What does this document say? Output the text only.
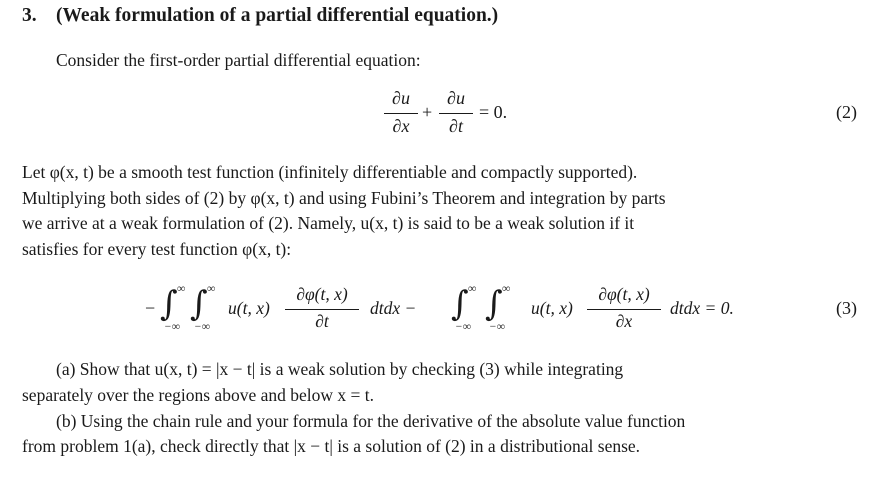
3. (Weak formulation of a partial differential equation.)
Consider the first-order partial differential equation:
∂u
∂x
+
∂u
∂t
= 0.	(2)
Let φ(x, t) be a smooth test function (infinitely differentiable and compactly supported).
Multiplying both sides of (2) by φ(x, t) and using Fubini’s Theorem and integration by parts
we arrive at a weak formulation of (2). Namely, u(x, t) is said to be a weak solution if it
satisfies for every test function φ(x, t):
− ∫ ∞
−∞
∫ ∞
−∞
u(t, x)
∂φ(t, x)
∂t
dtdx − ∫ ∞
−∞
∫ ∞
−∞
u(t, x)
∂φ(t, x)
∂x
dtdx = 0.	(3)
(a) Show that u(x, t) = |x − t| is a weak solution by checking (3) while integrating
separately over the regions above and below x = t.
(b) Using the chain rule and your formula for the derivative of the absolute value function
from problem 1(a), check directly that |x − t| is a solution of (2) in a distributional sense.
